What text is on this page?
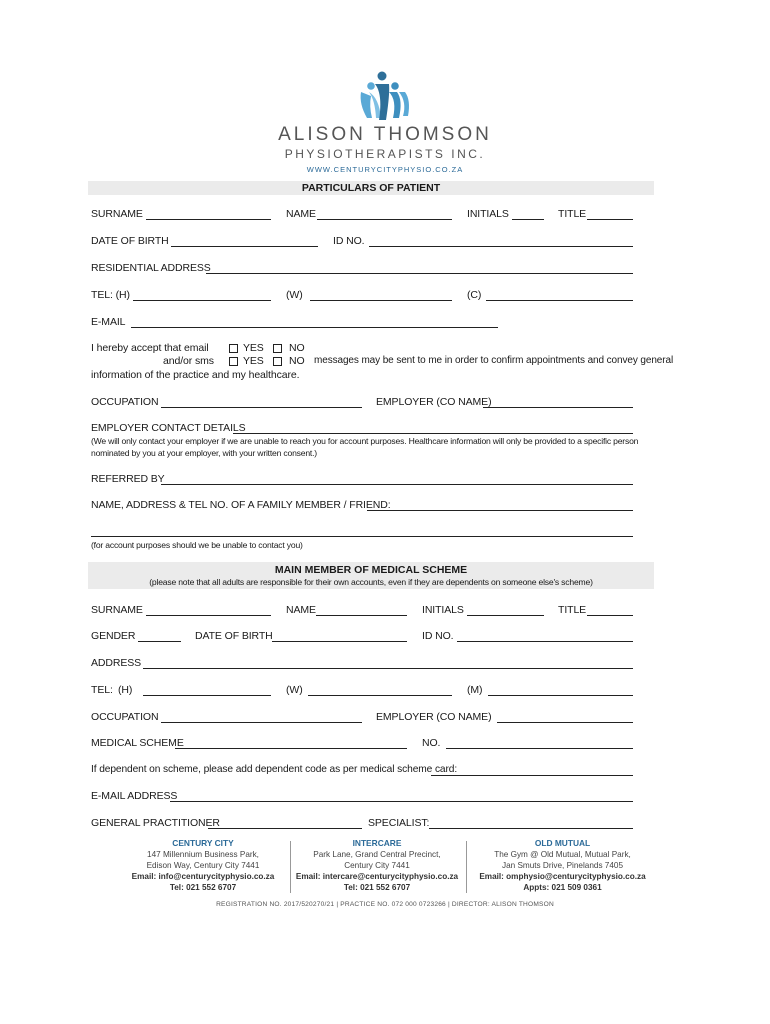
ALISON THOMSON
PHYSIOTHERAPISTS INC.
WWW.CENTURYCITYPHYSIO.CO.ZA
PARTICULARS OF PATIENT
SURNAME	NAME	INITIALS	TITLE
DATE OF BIRTH	ID NO.
RESIDENTIAL ADDRESS
TEL: (H)	(W)	(C)
E-MAIL
I hereby accept that email	YES NO
and/or sms	YES NO messages may be sent to me in order to confirm appointments and convey general
information of the practice and my healthcare.
OCCUPATION	EMPLOYER (CO NAME)
EMPLOYER CONTACT DETAILS
(We will only contact your employer if we are unable to reach you for account purposes. Healthcare information will only be provided to a specific person
nominated by you at your employer, with your written consent.)
REFERRED BY
NAME, ADDRESS & TEL NO. OF A FAMILY MEMBER / FRIEND:
(for account purposes should we be unable to contact you)
MAIN MEMBER OF MEDICAL SCHEME
(please note that all adults are responsible for their own accounts, even if they are dependents on someone else's scheme)
SURNAME	NAME	INITIALS	TITLE
GENDER	DATE OF BIRTH	ID NO.
ADDRESS
TEL: (H)	(W)	(M)
OCCUPATION	EMPLOYER (CO NAME)
MEDICAL SCHEME	NO.
If dependent on scheme, please add dependent code as per medical scheme card:
E-MAIL ADDRESS
GENERAL PRACTITIONER	SPECIALIST:
CENTURY CITY
147 Millennium Business Park,
Edison Way, Century City 7441
Email: info@centurycityphysio.co.za
Tel: 021 552 6707
INTERCARE
Park Lane, Grand Central Precinct,
Century City 7441
Email: intercare@centurycityphysio.co.za
Tel: 021 552 6707
OLD MUTUAL
The Gym @ Old Mutual, Mutual Park,
Jan Smuts Drive, Pinelands 7405
Email: omphysio@centurycityphysio.co.za
Appts: 021 509 0361
REGISTRATION NO. 2017/520270/21 | PRACTICE NO. 072 000 0723266 | DIRECTOR: ALISON THOMSON
